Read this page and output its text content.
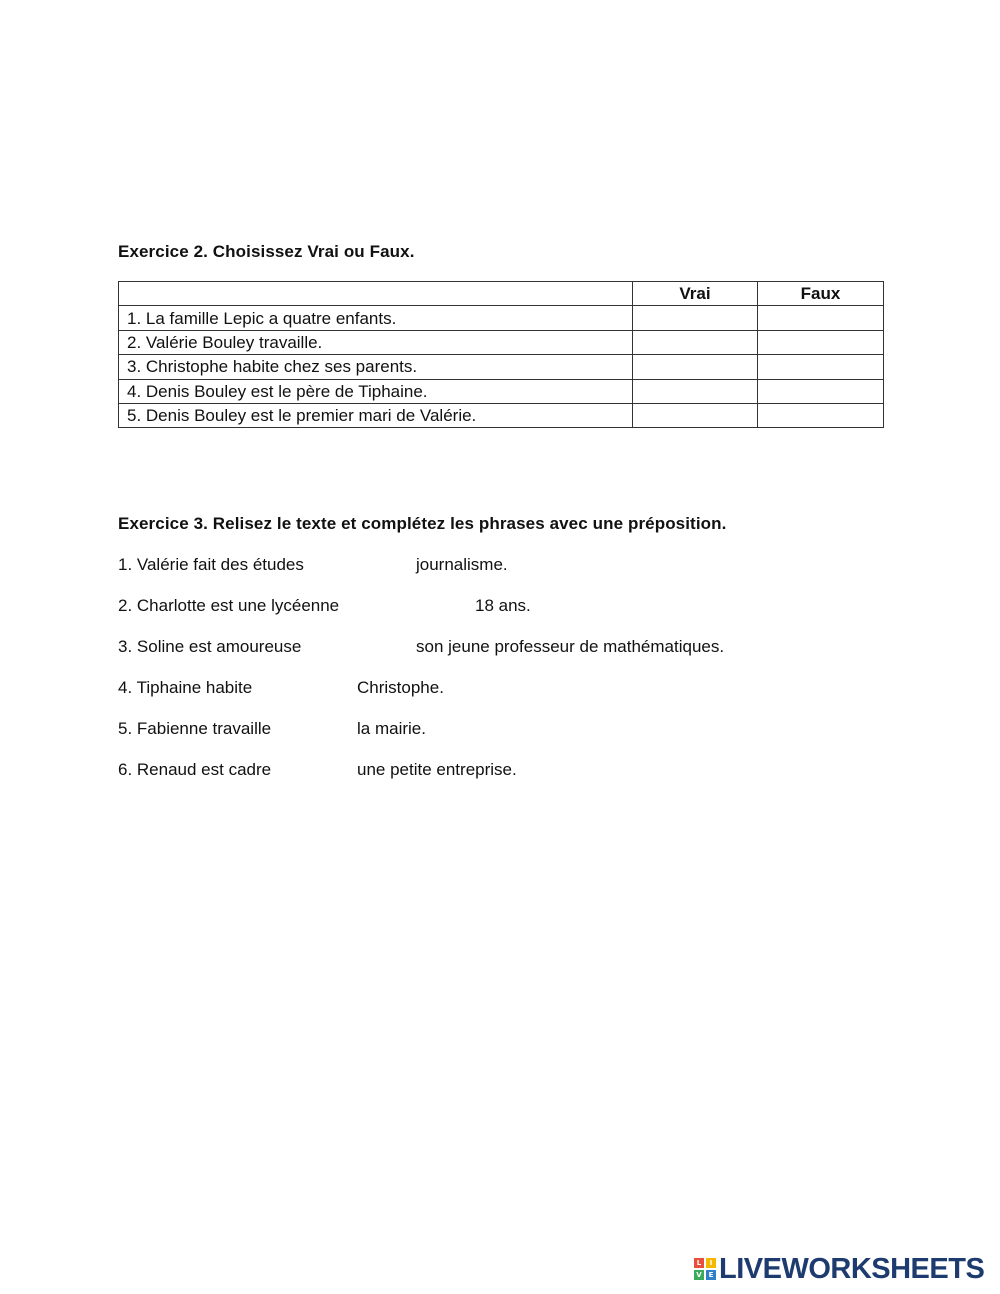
Exercice 2. Choisissez Vrai ou Faux.
	Vrai	Faux
1. La famille Lepic a quatre enfants.		
2. Valérie Bouley travaille.		
3. Christophe habite chez ses parents.		
4. Denis Bouley est le père de Tiphaine.		
5. Denis Bouley est le premier mari de Valérie.		
Exercice 3. Relisez le texte et complétez les phrases avec une préposition.
1. Valérie fait des études	journalisme.
2. Charlotte est une lycéenne	18 ans.
3. Soline est amoureuse	son jeune professeur de mathématiques.
4. Tiphaine habite	Christophe.
5. Fabienne travaille	la mairie.
6. Renaud est cadre	une petite entreprise.
L	I
V E LIVEWORKSHEETS
